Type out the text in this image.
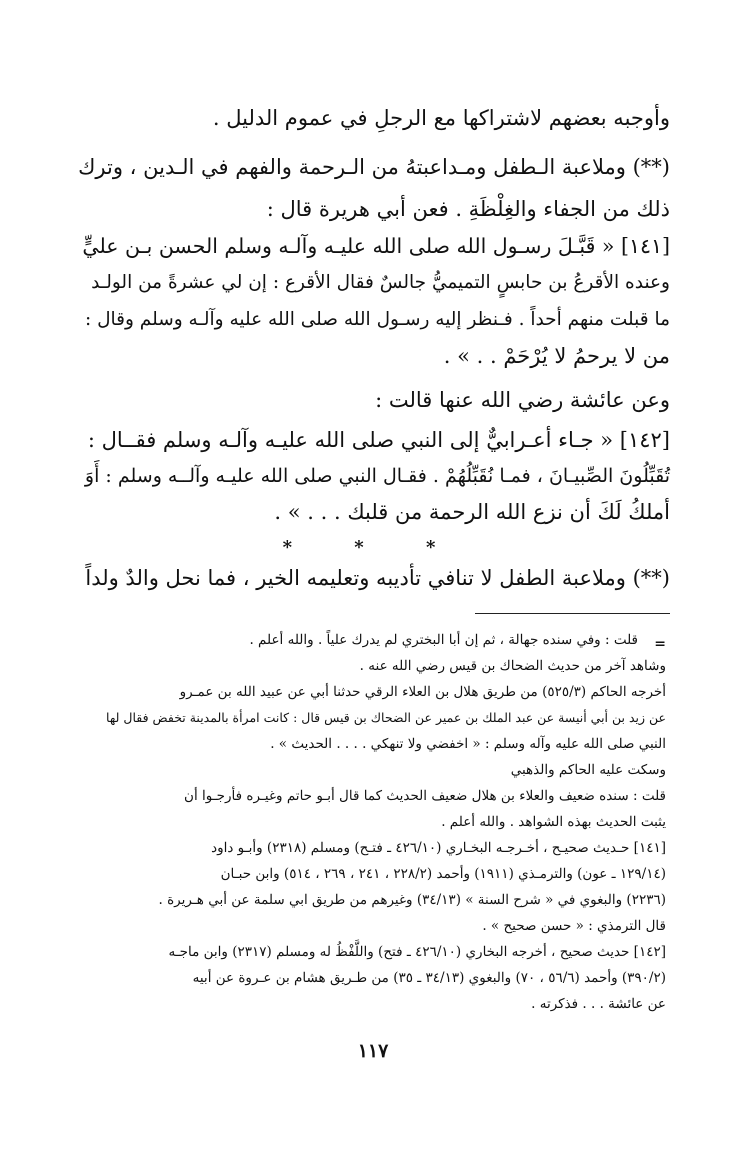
وأوجبه بعضهم لاشتراكها مع الرجلِ في عموم الدليل .
(**) وملاعبة الـطفل ومـداعبتهُ من الـرحمة والفهم في الـدين ، وترك
ذلك من الجفاء والغِلْظَةِ . فعن أبي هريرة قال :
[١٤١] « قَبَّـلَ رسـول الله صلى الله عليـه وآلـه وسلم الحسن بـن عليٍّ
وعنده الأقرعُ بن حابسٍ التميميُّ جالسٌ فقال الأقرع : إن لي عشرةً من الولـد
ما قبلت منهم أحداً . فـنظر إليه رسـول الله صلى الله عليه وآلـه وسلم وقال :
من لا يرحمُ لا يُرْحَمْ . . » .
وعن عائشة رضي الله عنها قالت :
[١٤٢] « جـاء أعـرابيٌّ إلى النبي صلى الله عليـه وآلـه وسلم فقــال :
تُقَبِّلُونَ الصِّبيـانَ ، فمـا نُقَبِّلُهُمْ . فقـال النبي صلى الله عليـه وآلــه وسلم : أَوَ
أملكُ لَكَ أن نزع الله الرحمة من قلبك . . . » .
* * *
(**) وملاعبة الطفل لا تنافي تأديبه وتعليمه الخير ، فما نحل والدٌ ولداً
=
قلت : وفي سنده جهالة ، ثم إن أبا البختري لم يدرك علياً . والله أعلم .
وشاهد آخر من حديث الضحاك بن قيس رضي الله عنه .
أخرجه الحاكم (٥٢٥/٣) من طريق هلال بن العلاء الرقي حدثنا أبي عن عبيد الله بن عمـرو
عن زيد بن أبي أنيسة عن عبد الملك بن عمير عن الضحاك بن قيس قال : كانت امرأة بالمدينة تخفض فقال لها
النبي صلى الله عليه وآله وسلم : « اخفضي ولا تنهكي . . . . الحديث » .
وسكت عليه الحاكم والذهبي
قلت : سنده ضعيف والعلاء بن هلال ضعيف الحديث كما قال أبـو حاتم وغيـره فأرجـوا أن
يثبت الحديث بهذه الشواهد . والله أعلم .
[١٤١] حـديث صحيـح ، أخـرجـه البخـاري (٤٢٦/١٠ ـ فتـح) ومسلم (٢٣١٨) وأبـو داود
(١٢٩/١٤ ـ عون) والترمـذي (١٩١١) وأحمد (٢٢٨/٢ ، ٢٤١ ، ٢٦٩ ، ٥١٤) وابن حبـان
(٢٢٣٦) والبغوي في « شرح السنة » (٣٤/١٣) وغيرهم من طريق ابي سلمة عن أبي هـريرة .
قال الترمذي : « حسن صحيح » .
[١٤٢] حديث صحيح ، أخرجه البخاري (٤٢٦/١٠ ـ فتح) واللَّفْظُ له ومسلم (٢٣١٧) وابن ماجـه
(٣٩٠/٢) وأحمد (٥٦/٦ ، ٧٠) والبغوي (٣٤/١٣ ـ ٣٥) من طـريق هشام بن عـروة عن أبيه
عن عائشة . . . فذكرته .
١١٧
